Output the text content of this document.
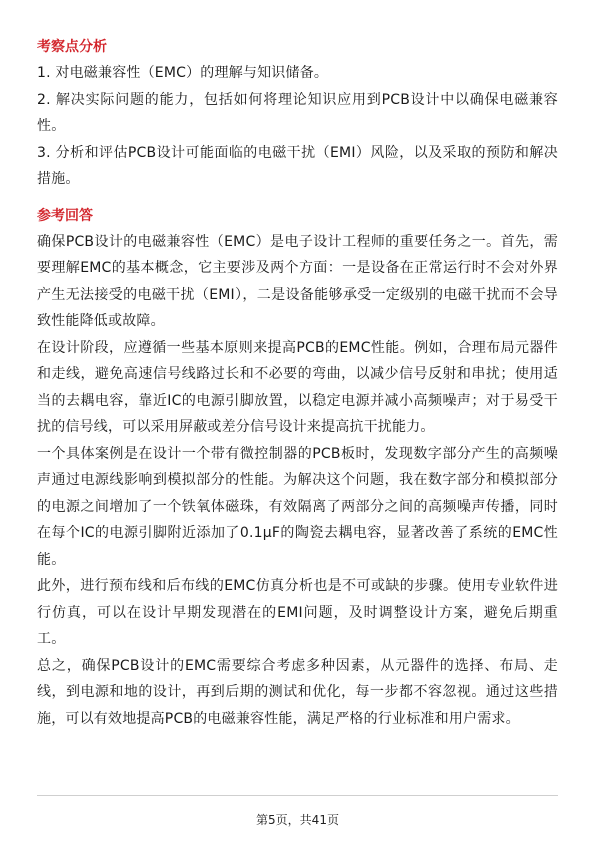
考察点分析

1. 对电磁兼容性（EMC）的理解与知识储备。

2. 解决实际问题的能力，包括如何将理论知识应用到PCB设计中以确保电磁兼容性。

3. 分析和评估PCB设计可能面临的电磁干扰（EMI）风险，以及采取的预防和解决措施。

参考回答

确保PCB设计的电磁兼容性（EMC）是电子设计工程师的重要任务之一。首先，需要理解EMC的基本概念，它主要涉及两个方面：一是设备在正常运行时不会对外界产生无法接受的电磁干扰（EMI），二是设备能够承受一定级别的电磁干扰而不会导致性能降低或故障。

在设计阶段，应遵循一些基本原则来提高PCB的EMC性能。例如，合理布局元器件和走线，避免高速信号线路过长和不必要的弯曲，以减少信号反射和串扰；使用适当的去耦电容，靠近IC的电源引脚放置，以稳定电源并减小高频噪声；对于易受干扰的信号线，可以采用屏蔽或差分信号设计来提高抗干扰能力。

一个具体案例是在设计一个带有微控制器的PCB板时，发现数字部分产生的高频噪声通过电源线影响到模拟部分的性能。为解决这个问题，我在数字部分和模拟部分的电源之间增加了一个铁氧体磁珠，有效隔离了两部分之间的高频噪声传播，同时在每个IC的电源引脚附近添加了0.1μF的陶瓷去耦电容，显著改善了系统的EMC性能。

此外，进行预布线和后布线的EMC仿真分析也是不可或缺的步骤。使用专业软件进行仿真，可以在设计早期发现潜在的EMI问题，及时调整设计方案，避免后期重工。

总之，确保PCB设计的EMC需要综合考虑多种因素，从元器件的选择、布局、走线，到电源和地的设计，再到后期的测试和优化，每一步都不容忽视。通过这些措施，可以有效地提高PCB的电磁兼容性能，满足严格的行业标准和用户需求。

第5页，共41页
